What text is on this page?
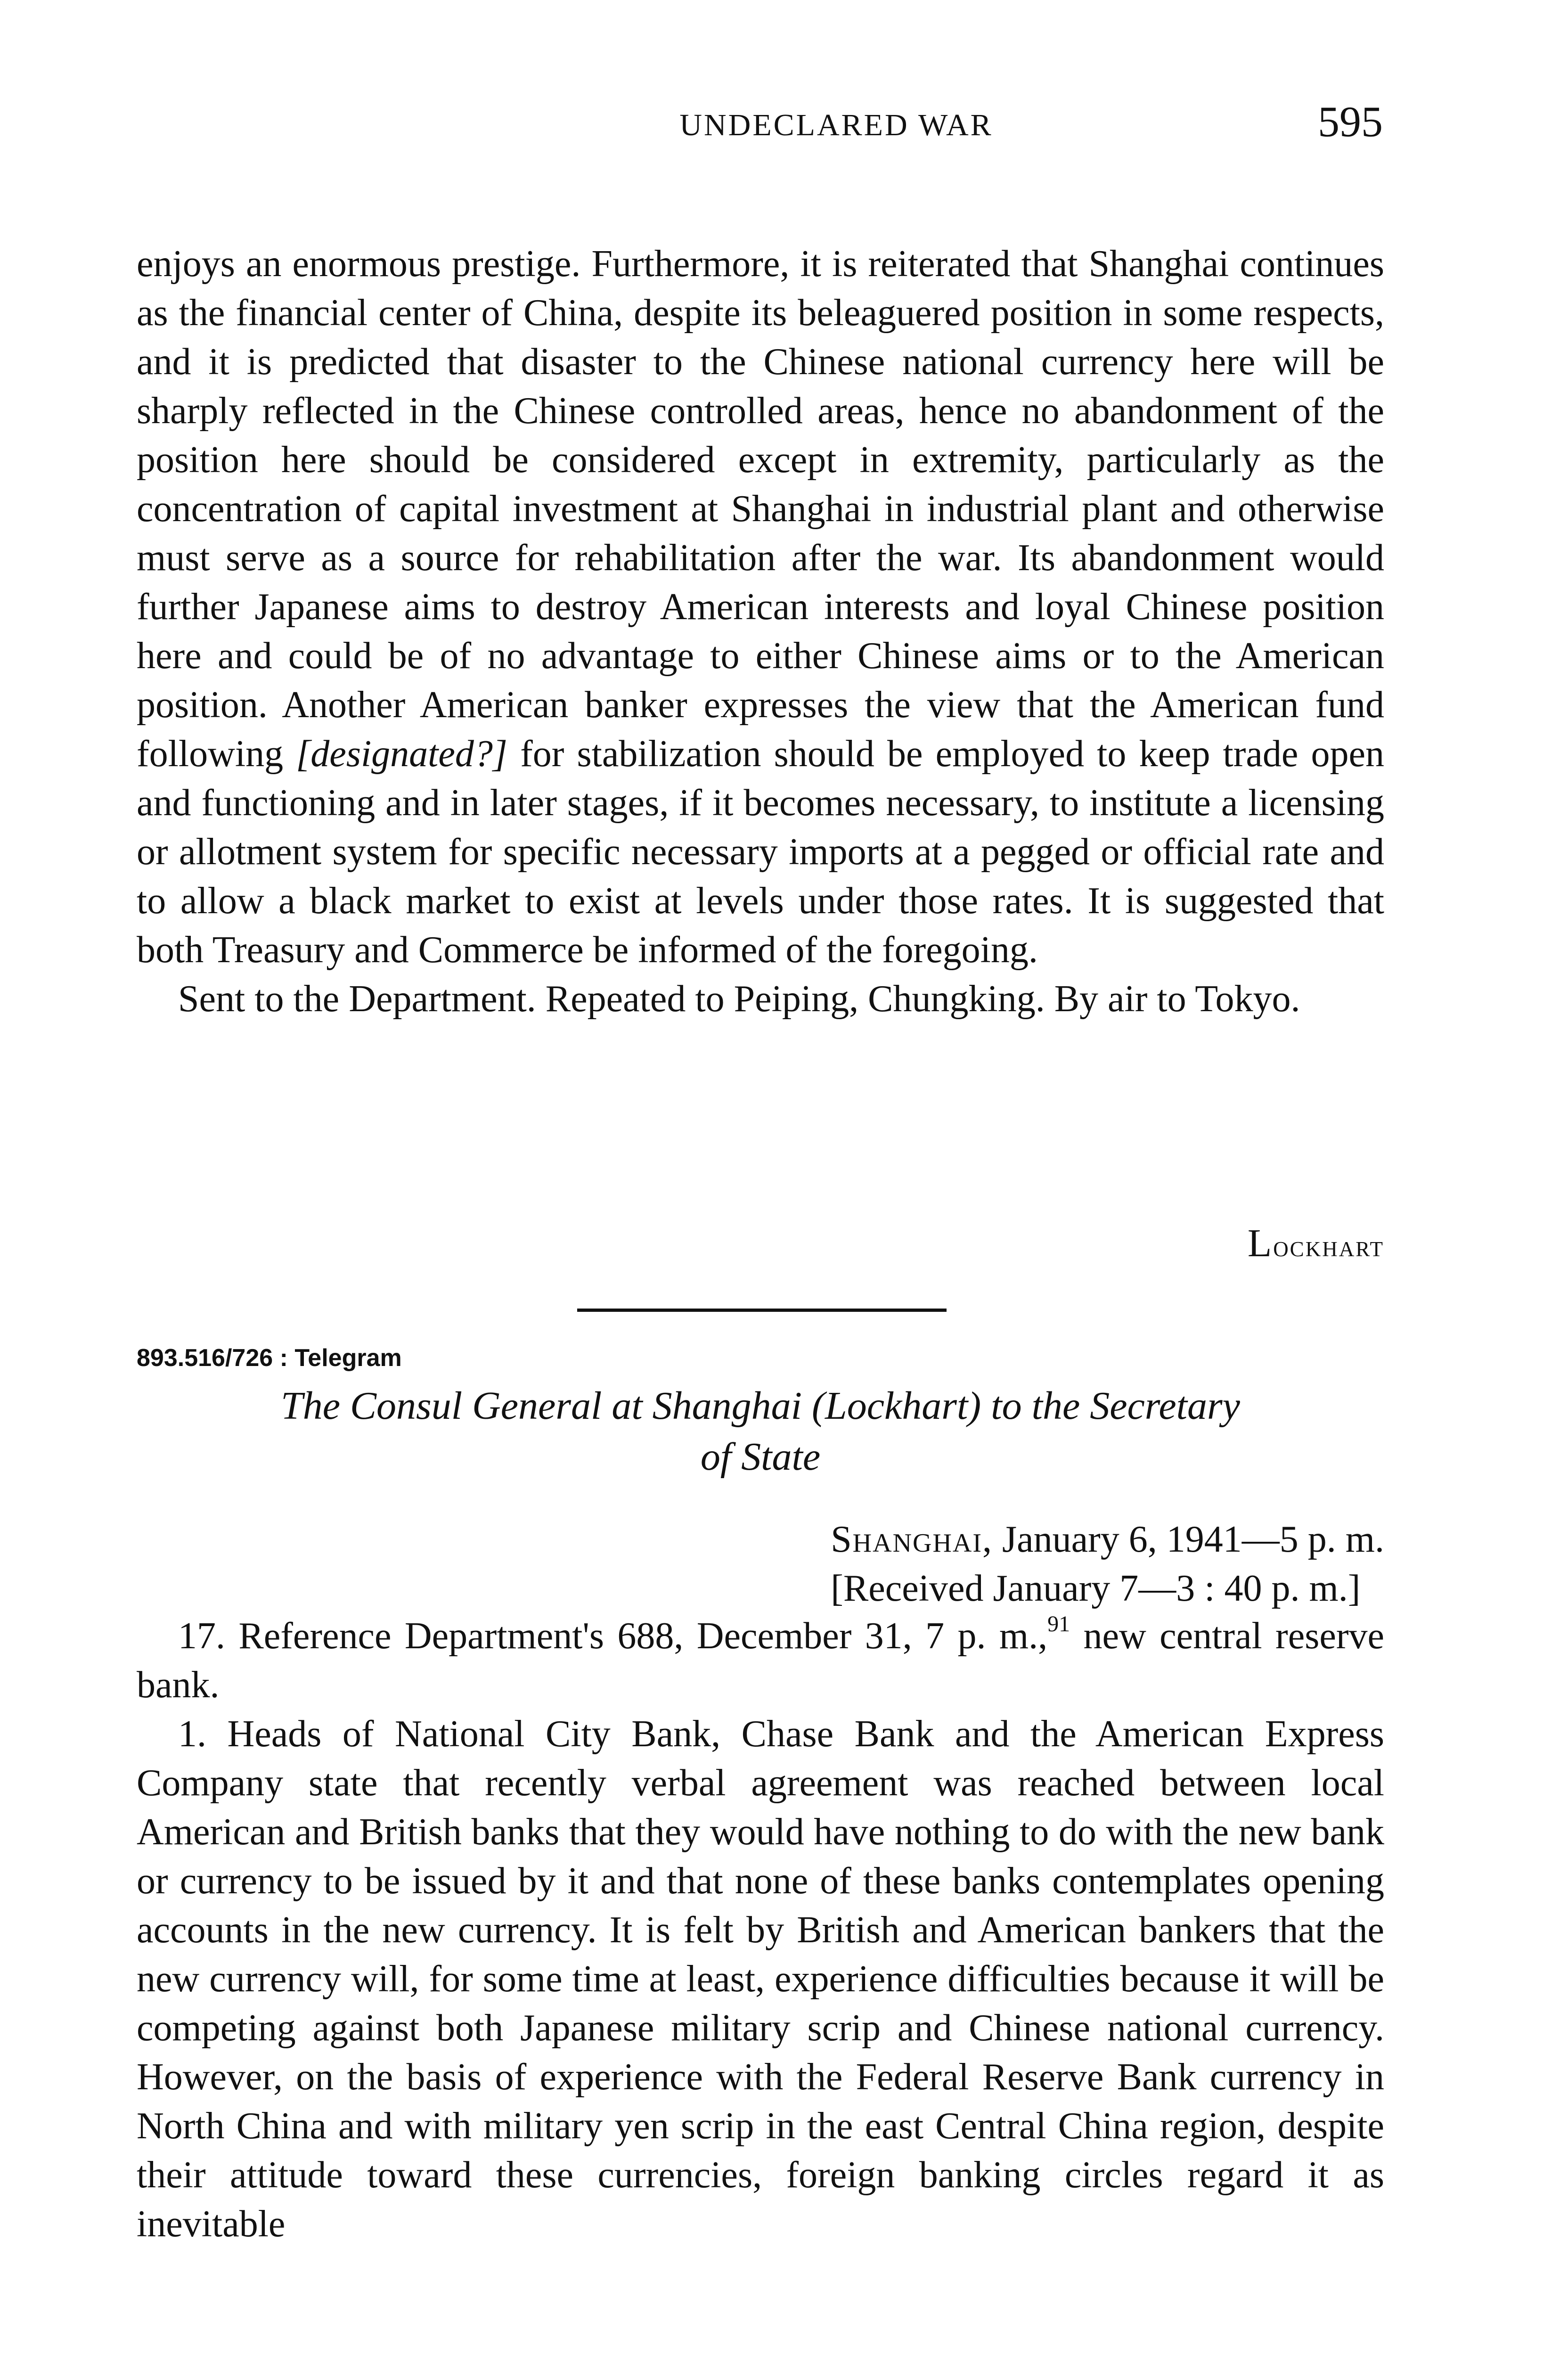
UNDECLARED WAR	595

enjoys an enormous prestige. Furthermore, it is reiterated that Shanghai continues as the financial center of China, despite its beleaguered position in some respects, and it is predicted that disaster to the Chinese national currency here will be sharply reflected in the Chinese controlled areas, hence no abandonment of the position here should be considered except in extremity, particularly as the concentration of capital investment at Shanghai in industrial plant and otherwise must serve as a source for rehabilitation after the war. Its abandonment would further Japanese aims to destroy American interests and loyal Chinese position here and could be of no advantage to either Chinese aims or to the American position. Another American banker expresses the view that the American fund following [designated?] for stabilization should be employed to keep trade open and functioning and in later stages, if it becomes necessary, to institute a licensing or allotment system for specific necessary imports at a pegged or official rate and to allow a black market to exist at levels under those rates. It is suggested that both Treasury and Commerce be informed of the foregoing.

Sent to the Department. Repeated to Peiping, Chungking. By air to Tokyo.

Lockhart
893.516/726 : Telegram
The Consul General at Shanghai (Lockhart) to the Secretary
of State
Shanghai, January 6, 1941—5 p. m.
[Received January 7—3 : 40 p. m.]

17. Reference Department's 688, December 31, 7 p. m.,$^{91}$ new central reserve bank.

1. Heads of National City Bank, Chase Bank and the American Express Company state that recently verbal agreement was reached between local American and British banks that they would have nothing to do with the new bank or currency to be issued by it and that none of these banks contemplates opening accounts in the new currency. It is felt by British and American bankers that the new currency will, for some time at least, experience difficulties because it will be competing against both Japanese military scrip and Chinese national currency. However, on the basis of experience with the Federal Reserve Bank currency in North China and with military yen scrip in the east Central China region, despite their attitude toward these currencies, foreign banking circles regard it as inevitable
